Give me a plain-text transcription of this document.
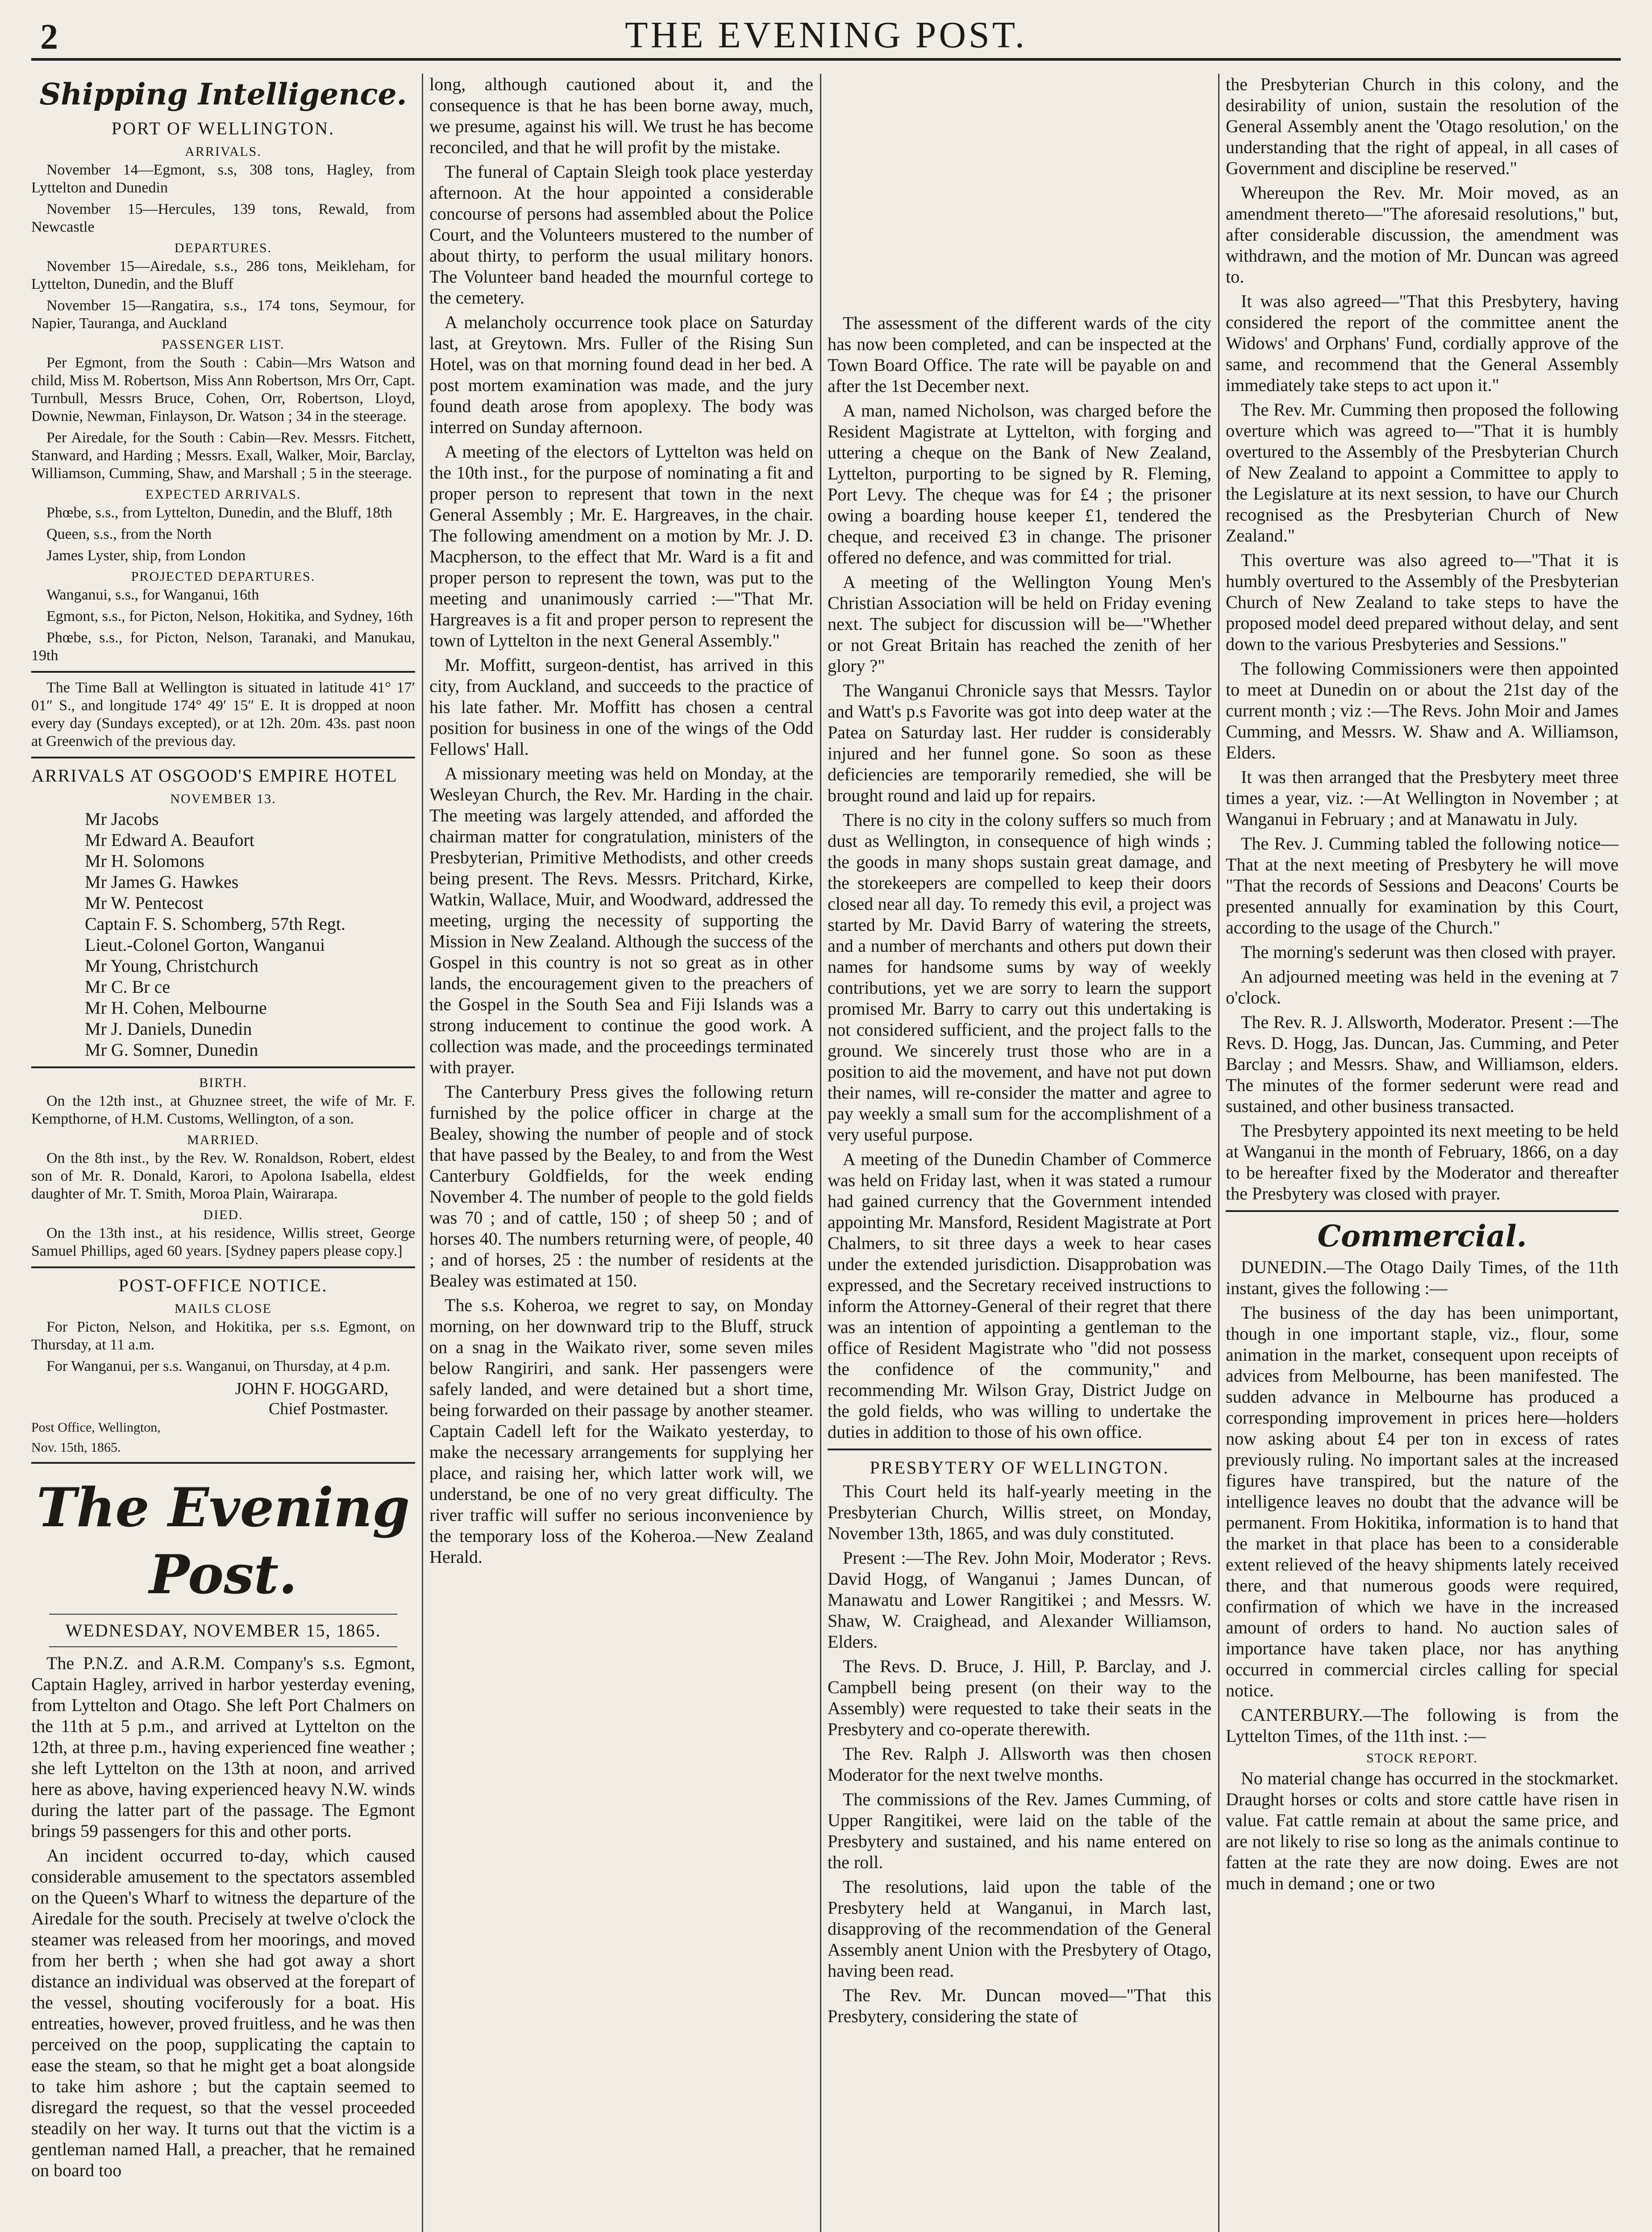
2	THE EVENING POST.
Shipping Intelligence.
PORT OF WELLINGTON.
ARRIVALS.

November 14—Egmont, s.s, 308 tons, Hagley, from Lyttelton and Dunedin

November 15—Hercules, 139 tons, Rewald, from Newcastle

DEPARTURES.

November 15—Airedale, s.s., 286 tons, Meikleham, for Lyttelton, Dunedin, and the Bluff

November 15—Rangatira, s.s., 174 tons, Seymour, for Napier, Tauranga, and Auckland

PASSENGER LIST.

Per Egmont, from the South : Cabin—Mrs Watson and child, Miss M. Robertson, Miss Ann Robertson, Mrs Orr, Capt. Turnbull, Messrs Bruce, Cohen, Orr, Robertson, Lloyd, Downie, Newman, Finlayson, Dr. Watson ; 34 in the steerage.

Per Airedale, for the South : Cabin—Rev. Messrs. Fitchett, Stanward, and Harding ; Messrs. Exall, Walker, Moir, Barclay, Williamson, Cumming, Shaw, and Marshall ; 5 in the steerage.

EXPECTED ARRIVALS.

Phœbe, s.s., from Lyttelton, Dunedin, and the Bluff, 18th

Queen, s.s., from the North

James Lyster, ship, from London

PROJECTED DEPARTURES.

Wanganui, s.s., for Wanganui, 16th

Egmont, s.s., for Picton, Nelson, Hokitika, and Sydney, 16th

Phœbe, s.s., for Picton, Nelson, Taranaki, and Manukau, 19th

The Time Ball at Wellington is situated in latitude 41° 17′ 01″ S., and longitude 174° 49′ 15″ E. It is dropped at noon every day (Sundays excepted), or at 12h. 20m. 43s. past noon at Greenwich of the previous day.

ARRIVALS AT OSGOOD'S EMPIRE HOTEL
NOVEMBER 13.
Mr Jacobs
Mr Edward A. Beaufort
Mr H. Solomons
Mr James G. Hawkes
Mr W. Pentecost
Captain F. S. Schomberg, 57th Regt.
Lieut.-Colonel Gorton, Wanganui
Mr Young, Christchurch
Mr C. Br ce
Mr H. Cohen, Melbourne
Mr J. Daniels, Dunedin
Mr G. Somner, Dunedin
BIRTH.

On the 12th inst., at Ghuznee street, the wife of Mr. F. Kempthorne, of H.M. Customs, Wellington, of a son.

MARRIED.

On the 8th inst., by the Rev. W. Ronaldson, Robert, eldest son of Mr. R. Donald, Karori, to Apolona Isabella, eldest daughter of Mr. T. Smith, Moroa Plain, Wairarapa.

DIED.

On the 13th inst., at his residence, Willis street, George Samuel Phillips, aged 60 years. [Sydney papers please copy.]

POST-OFFICE NOTICE.
MAILS CLOSE

For Picton, Nelson, and Hokitika, per s.s. Egmont, on Thursday, at 11 a.m.

For Wanganui, per s.s. Wanganui, on Thursday, at 4 p.m.

JOHN F. HOGGARD,
Chief Postmaster.

Post Office, Wellington,

Nov. 15th, 1865.

The Evening Post.
WEDNESDAY, NOVEMBER 15, 1865.

The P.N.Z. and A.R.M. Company's s.s. Egmont, Captain Hagley, arrived in harbor yesterday evening, from Lyttelton and Otago. She left Port Chalmers on the 11th at 5 p.m., and arrived at Lyttelton on the 12th, at three p.m., having experienced fine weather ; she left Lyttelton on the 13th at noon, and arrived here as above, having experienced heavy N.W. winds during the latter part of the passage. The Egmont brings 59 passengers for this and other ports.

An incident occurred to-day, which caused considerable amusement to the spectators assembled on the Queen's Wharf to witness the departure of the Airedale for the south. Precisely at twelve o'clock the steamer was released from her moorings, and moved from her berth ; when she had got away a short distance an individual was observed at the forepart of the vessel, shouting vociferously for a boat. His entreaties, however, proved fruitless, and he was then perceived on the poop, supplicating the captain to ease the steam, so that he might get a boat alongside to take him ashore ; but the captain seemed to disregard the request, so that the vessel proceeded steadily on her way. It turns out that the victim is a gentleman named Hall, a preacher, that he remained on board too

long, although cautioned about it, and the consequence is that he has been borne away, much, we presume, against his will. We trust he has become reconciled, and that he will profit by the mistake.

The funeral of Captain Sleigh took place yesterday afternoon. At the hour appointed a considerable concourse of persons had assembled about the Police Court, and the Volunteers mustered to the number of about thirty, to perform the usual military honors. The Volunteer band headed the mournful cortege to the cemetery.

A melancholy occurrence took place on Saturday last, at Greytown. Mrs. Fuller of the Rising Sun Hotel, was on that morning found dead in her bed. A post mortem examination was made, and the jury found death arose from apoplexy. The body was interred on Sunday afternoon.

A meeting of the electors of Lyttelton was held on the 10th inst., for the purpose of nominating a fit and proper person to represent that town in the next General Assembly ; Mr. E. Hargreaves, in the chair. The following amendment on a motion by Mr. J. D. Macpherson, to the effect that Mr. Ward is a fit and proper person to represent the town, was put to the meeting and unanimously carried :—"That Mr. Hargreaves is a fit and proper person to represent the town of Lyttelton in the next General Assembly."

Mr. Moffitt, surgeon-dentist, has arrived in this city, from Auckland, and succeeds to the practice of his late father. Mr. Moffitt has chosen a central position for business in one of the wings of the Odd Fellows' Hall.

A missionary meeting was held on Monday, at the Wesleyan Church, the Rev. Mr. Harding in the chair. The meeting was largely attended, and afforded the chairman matter for congratulation, ministers of the Presbyterian, Primitive Methodists, and other creeds being present. The Revs. Messrs. Pritchard, Kirke, Watkin, Wallace, Muir, and Woodward, addressed the meeting, urging the necessity of supporting the Mission in New Zealand. Although the success of the Gospel in this country is not so great as in other lands, the encouragement given to the preachers of the Gospel in the South Sea and Fiji Islands was a strong inducement to continue the good work. A collection was made, and the proceedings terminated with prayer.

The Canterbury Press gives the following return furnished by the police officer in charge at the Bealey, showing the number of people and of stock that have passed by the Bealey, to and from the West Canterbury Goldfields, for the week ending November 4. The number of people to the gold fields was 70 ; and of cattle, 150 ; of sheep 50 ; and of horses 40. The numbers returning were, of people, 40 ; and of horses, 25 : the number of residents at the Bealey was estimated at 150.

The s.s. Koheroa, we regret to say, on Monday morning, on her downward trip to the Bluff, struck on a snag in the Waikato river, some seven miles below Rangiriri, and sank. Her passengers were safely landed, and were detained but a short time, being forwarded on their passage by another steamer. Captain Cadell left for the Waikato yesterday, to make the necessary arrangements for supplying her place, and raising her, which latter work will, we understand, be one of no very great difficulty. The river traffic will suffer no serious inconvenience by the temporary loss of the Koheroa.—New Zealand Herald.

The assessment of the different wards of the city has now been completed, and can be inspected at the Town Board Office. The rate will be payable on and after the 1st December next.

A man, named Nicholson, was charged before the Resident Magistrate at Lyttelton, with forging and uttering a cheque on the Bank of New Zealand, Lyttelton, purporting to be signed by R. Fleming, Port Levy. The cheque was for £4 ; the prisoner owing a boarding house keeper £1, tendered the cheque, and received £3 in change. The prisoner offered no defence, and was committed for trial.

A meeting of the Wellington Young Men's Christian Association will be held on Friday evening next. The subject for discussion will be—"Whether or not Great Britain has reached the zenith of her glory ?"

The Wanganui Chronicle says that Messrs. Taylor and Watt's p.s Favorite was got into deep water at the Patea on Saturday last. Her rudder is considerably injured and her funnel gone. So soon as these deficiencies are temporarily remedied, she will be brought round and laid up for repairs.

There is no city in the colony suffers so much from dust as Wellington, in consequence of high winds ; the goods in many shops sustain great damage, and the storekeepers are compelled to keep their doors closed near all day. To remedy this evil, a project was started by Mr. David Barry of watering the streets, and a number of merchants and others put down their names for handsome sums by way of weekly contributions, yet we are sorry to learn the support promised Mr. Barry to carry out this undertaking is not considered sufficient, and the project falls to the ground. We sincerely trust those who are in a position to aid the movement, and have not put down their names, will re-consider the matter and agree to pay weekly a small sum for the accomplishment of a very useful purpose.

A meeting of the Dunedin Chamber of Commerce was held on Friday last, when it was stated a rumour had gained currency that the Government intended appointing Mr. Mansford, Resident Magistrate at Port Chalmers, to sit three days a week to hear cases under the extended jurisdiction. Disapprobation was expressed, and the Secretary received instructions to inform the Attorney-General of their regret that there was an intention of appointing a gentleman to the office of Resident Magistrate who "did not possess the confidence of the community," and recommending Mr. Wilson Gray, District Judge on the gold fields, who was willing to undertake the duties in addition to those of his own office.

PRESBYTERY OF WELLINGTON.

This Court held its half-yearly meeting in the Presbyterian Church, Willis street, on Monday, November 13th, 1865, and was duly constituted.

Present :—The Rev. John Moir, Moderator ; Revs. David Hogg, of Wanganui ; James Duncan, of Manawatu and Lower Rangitikei ; and Messrs. W. Shaw, W. Craighead, and Alexander Williamson, Elders.

The Revs. D. Bruce, J. Hill, P. Barclay, and J. Campbell being present (on their way to the Assembly) were requested to take their seats in the Presbytery and co-operate therewith.

The Rev. Ralph J. Allsworth was then chosen Moderator for the next twelve months.

The commissions of the Rev. James Cumming, of Upper Rangitikei, were laid on the table of the Presbytery and sustained, and his name entered on the roll.

The resolutions, laid upon the table of the Presbytery held at Wanganui, in March last, disapproving of the recommendation of the General Assembly anent Union with the Presbytery of Otago, having been read.

The Rev. Mr. Duncan moved—"That this Presbytery, considering the state of

the Presbyterian Church in this colony, and the desirability of union, sustain the resolution of the General Assembly anent the 'Otago resolution,' on the understanding that the right of appeal, in all cases of Government and discipline be reserved."

Whereupon the Rev. Mr. Moir moved, as an amendment thereto—"The aforesaid resolutions," but, after considerable discussion, the amendment was withdrawn, and the motion of Mr. Duncan was agreed to.

It was also agreed—"That this Presbytery, having considered the report of the committee anent the Widows' and Orphans' Fund, cordially approve of the same, and recommend that the General Assembly immediately take steps to act upon it."

The Rev. Mr. Cumming then proposed the following overture which was agreed to—"That it is humbly overtured to the Assembly of the Presbyterian Church of New Zealand to appoint a Committee to apply to the Legislature at its next session, to have our Church recognised as the Presbyterian Church of New Zealand."

This overture was also agreed to—"That it is humbly overtured to the Assembly of the Presbyterian Church of New Zealand to take steps to have the proposed model deed prepared without delay, and sent down to the various Presbyteries and Sessions."

The following Commissioners were then appointed to meet at Dunedin on or about the 21st day of the current month ; viz :—The Revs. John Moir and James Cumming, and Messrs. W. Shaw and A. Williamson, Elders.

It was then arranged that the Presbytery meet three times a year, viz. :—At Wellington in November ; at Wanganui in February ; and at Manawatu in July.

The Rev. J. Cumming tabled the following notice—That at the next meeting of Presbytery he will move "That the records of Sessions and Deacons' Courts be presented annually for examination by this Court, according to the usage of the Church."

The morning's sederunt was then closed with prayer.

An adjourned meeting was held in the evening at 7 o'clock.

The Rev. R. J. Allsworth, Moderator. Present :—The Revs. D. Hogg, Jas. Duncan, Jas. Cumming, and Peter Barclay ; and Messrs. Shaw, and Williamson, elders. The minutes of the former sederunt were read and sustained, and other business transacted.

The Presbytery appointed its next meeting to be held at Wanganui in the month of February, 1866, on a day to be hereafter fixed by the Moderator and thereafter the Presbytery was closed with prayer.

Commercial.

DUNEDIN.—The Otago Daily Times, of the 11th instant, gives the following :—

The business of the day has been unimportant, though in one important staple, viz., flour, some animation in the market, consequent upon receipts of advices from Melbourne, has been manifested. The sudden advance in Melbourne has produced a corresponding improvement in prices here—holders now asking about £4 per ton in excess of rates previously ruling. No important sales at the increased figures have transpired, but the nature of the intelligence leaves no doubt that the advance will be permanent. From Hokitika, information is to hand that the market in that place has been to a considerable extent relieved of the heavy shipments lately received there, and that numerous goods were required, confirmation of which we have in the increased amount of orders to hand. No auction sales of importance have taken place, nor has anything occurred in commercial circles calling for special notice.

CANTERBURY.—The following is from the Lyttelton Times, of the 11th inst. :—

STOCK REPORT.

No material change has occurred in the stockmarket. Draught horses or colts and store cattle have risen in value. Fat cattle remain at about the same price, and are not likely to rise so long as the animals continue to fatten at the rate they are now doing. Ewes are not much in demand ; one or two
